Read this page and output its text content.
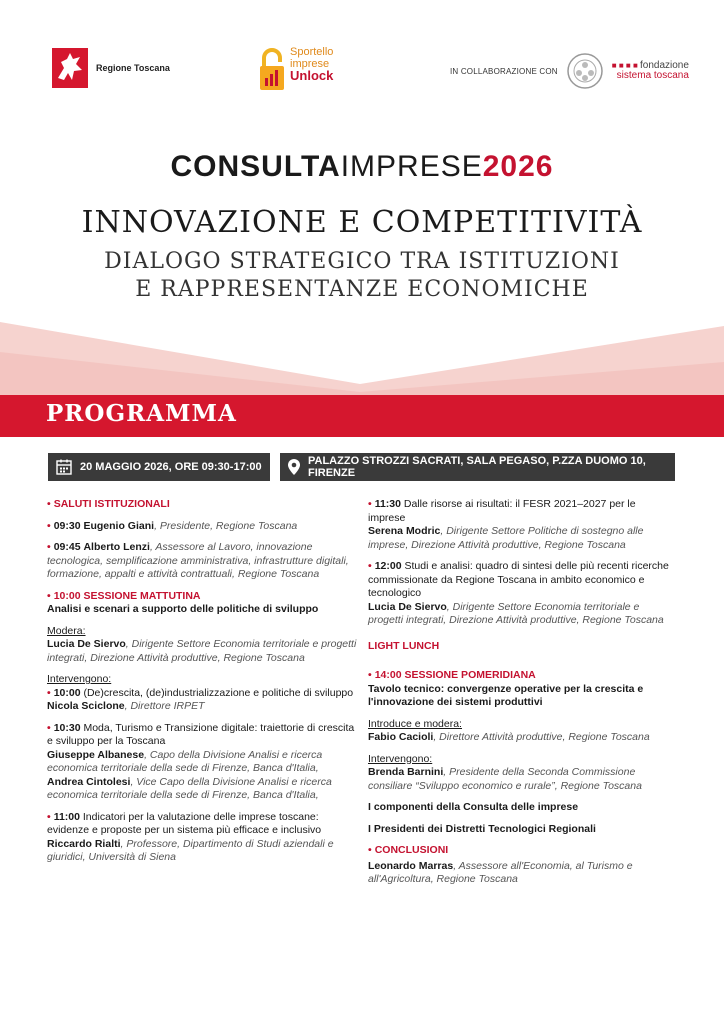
Regione Toscana
Sportello
imprese
Unlock	IN COLLABORAZIONE CON
■ ■ ■ ■ fondazione
sistema toscana
CONSULTAIMPRESE2026
INNOVAZIONE E COMPETITIVITÀ
DIALOGO STRATEGICO TRA ISTITUZIONI
E RAPPRESENTANZE ECONOMICHE
PROGRAMMA
20 MAGGIO 2026, ORE 09:30-17:00	PALAZZO STROZZI SACRATI, SALA PEGASO, P.ZZA DUOMO 10, FIRENZE
• SALUTI ISTITUZIONALI
• 09:30 Eugenio Giani, Presidente, Regione Toscana
• 09:45 Alberto Lenzi, Assessore al Lavoro, innovazione tecnologica, semplificazione amministrativa, infrastrutture digitali, formazione, appalti e attività contrattuali, Regione Toscana
• 10:00 SESSIONE MATTUTINA
Analisi e scenari a supporto delle politiche di sviluppo
Modera:
Lucia De Siervo, Dirigente Settore Economia territoriale e progetti integrati, Direzione Attività produttive, Regione Toscana
Intervengono:
• 10:00 (De)crescita, (de)industrializzazione e politiche di sviluppo
Nicola Sciclone, Direttore IRPET
• 10:30 Moda, Turismo e Transizione digitale: traiettorie di crescita e sviluppo per la Toscana
Giuseppe Albanese, Capo della Divisione Analisi e ricerca economica territoriale della sede di Firenze, Banca d'Italia,
Andrea Cintolesi, Vice Capo della Divisione Analisi e ricerca economica territoriale della sede di Firenze, Banca d'Italia,
• 11:00 Indicatori per la valutazione delle imprese toscane: evidenze e proposte per un sistema più efficace e inclusivo
Riccardo Rialti, Professore, Dipartimento di Studi aziendali e giuridici, Università di Siena
• 11:30 Dalle risorse ai risultati: il FESR 2021–2027 per le imprese
Serena Modric, Dirigente Settore Politiche di sostegno alle imprese, Direzione Attività produttive, Regione Toscana
• 12:00 Studi e analisi: quadro di sintesi delle più recenti ricerche commissionate da Regione Toscana in ambito economico e tecnologico
Lucia De Siervo, Dirigente Settore Economia territoriale e progetti integrati, Direzione Attività produttive, Regione Toscana
LIGHT LUNCH
• 14:00 SESSIONE POMERIDIANA
Tavolo tecnico: convergenze operative per la crescita e l'innovazione dei sistemi produttivi
Introduce e modera:
Fabio Cacioli, Direttore Attività produttive, Regione Toscana
Intervengono:
Brenda Barnini, Presidente della Seconda Commissione consiliare “Sviluppo economico e rurale”, Regione Toscana
I componenti della Consulta delle imprese
I Presidenti dei Distretti Tecnologici Regionali
• CONCLUSIONI
Leonardo Marras, Assessore all'Economia, al Turismo e all'Agricoltura, Regione Toscana
